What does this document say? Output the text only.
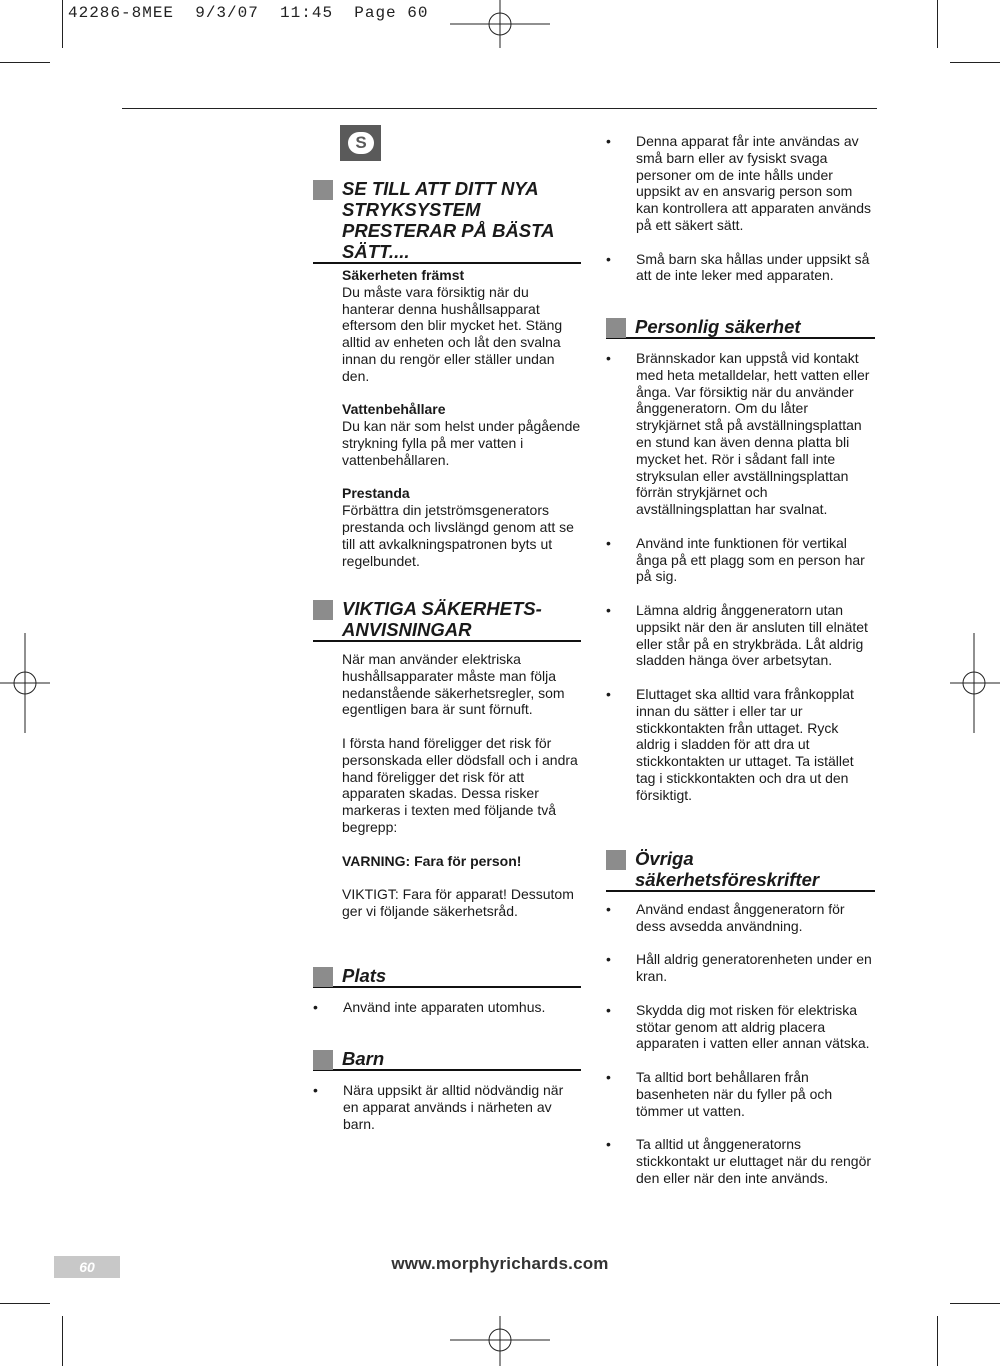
42286-8MEE  9/3/07  11:45  Page 60
S
SE TILL ATT DITT NYA STRYKSYSTEM PRESTERAR PÅ BÄSTA SÄTT....

Säkerheten främst
Du måste vara försiktig när du hanterar denna hushållsapparat eftersom den blir mycket het. Stäng alltid av enheten och låt den svalna innan du rengör eller ställer undan den.

Vattenbehållare
Du kan när som helst under pågående strykning fylla på mer vatten i vattenbehållaren.

Prestanda
Förbättra din jetströmsgenerators prestanda och livslängd genom att se till att avkalkningspatronen byts ut regelbundet.

VIKTIGA SÄKERHETS-ANVISNINGAR

När man använder elektriska hushållsapparater måste man följa nedanstående säkerhetsregler, som egentligen bara är sunt förnuft.

I första hand föreligger det risk för personskada eller dödsfall och i andra hand föreligger det risk för att apparaten skadas. Dessa risker markeras i texten med följande två begrepp:

VARNING: Fara för person!

VIKTIGT: Fara för apparat! Dessutom ger vi följande säkerhetsråd.

Plats
•	Använd inte apparaten utomhus.
Barn
•	Nära uppsikt är alltid nödvändig när en apparat används i närheten av barn.
•	Denna apparat får inte användas av små barn eller av fysiskt svaga personer om de inte hålls under uppsikt av en ansvarig person som kan kontrollera att apparaten används på ett säkert sätt.
•	Små barn ska hållas under uppsikt så att de inte leker med apparaten.
Personlig säkerhet
•	Brännskador kan uppstå vid kontakt med heta metalldelar, hett vatten eller ånga. Var försiktig när du använder ånggeneratorn. Om du låter strykjärnet stå på avställningsplattan en stund kan även denna platta bli mycket het. Rör i sådant fall inte stryksulan eller avställningsplattan förrän strykjärnet och avställningsplattan har svalnat.
•	Använd inte funktionen för vertikal ånga på ett plagg som en person har på sig.
•	Lämna aldrig ånggeneratorn utan uppsikt när den är ansluten till elnätet eller står på en strykbräda. Låt aldrig sladden hänga över arbetsytan.
•	Eluttaget ska alltid vara frånkopplat innan du sätter i eller tar ur stickkontakten från uttaget. Ryck aldrig i sladden för att dra ut stickkontakten ur uttaget. Ta istället tag i stickkontakten och dra ut den försiktigt.
Övriga säkerhetsföreskrifter
•	Använd endast ånggeneratorn för dess avsedda användning.
•	Håll aldrig generatorenheten under en kran.
•	Skydda dig mot risken för elektriska stötar genom att aldrig placera apparaten i vatten eller annan vätska.
•	Ta alltid bort behållaren från basenheten när du fyller på och tömmer ut vatten.
•	Ta alltid ut ånggeneratorns stickkontakt ur eluttaget när du rengör den eller när den inte används.
60	www.morphyrichards.com
